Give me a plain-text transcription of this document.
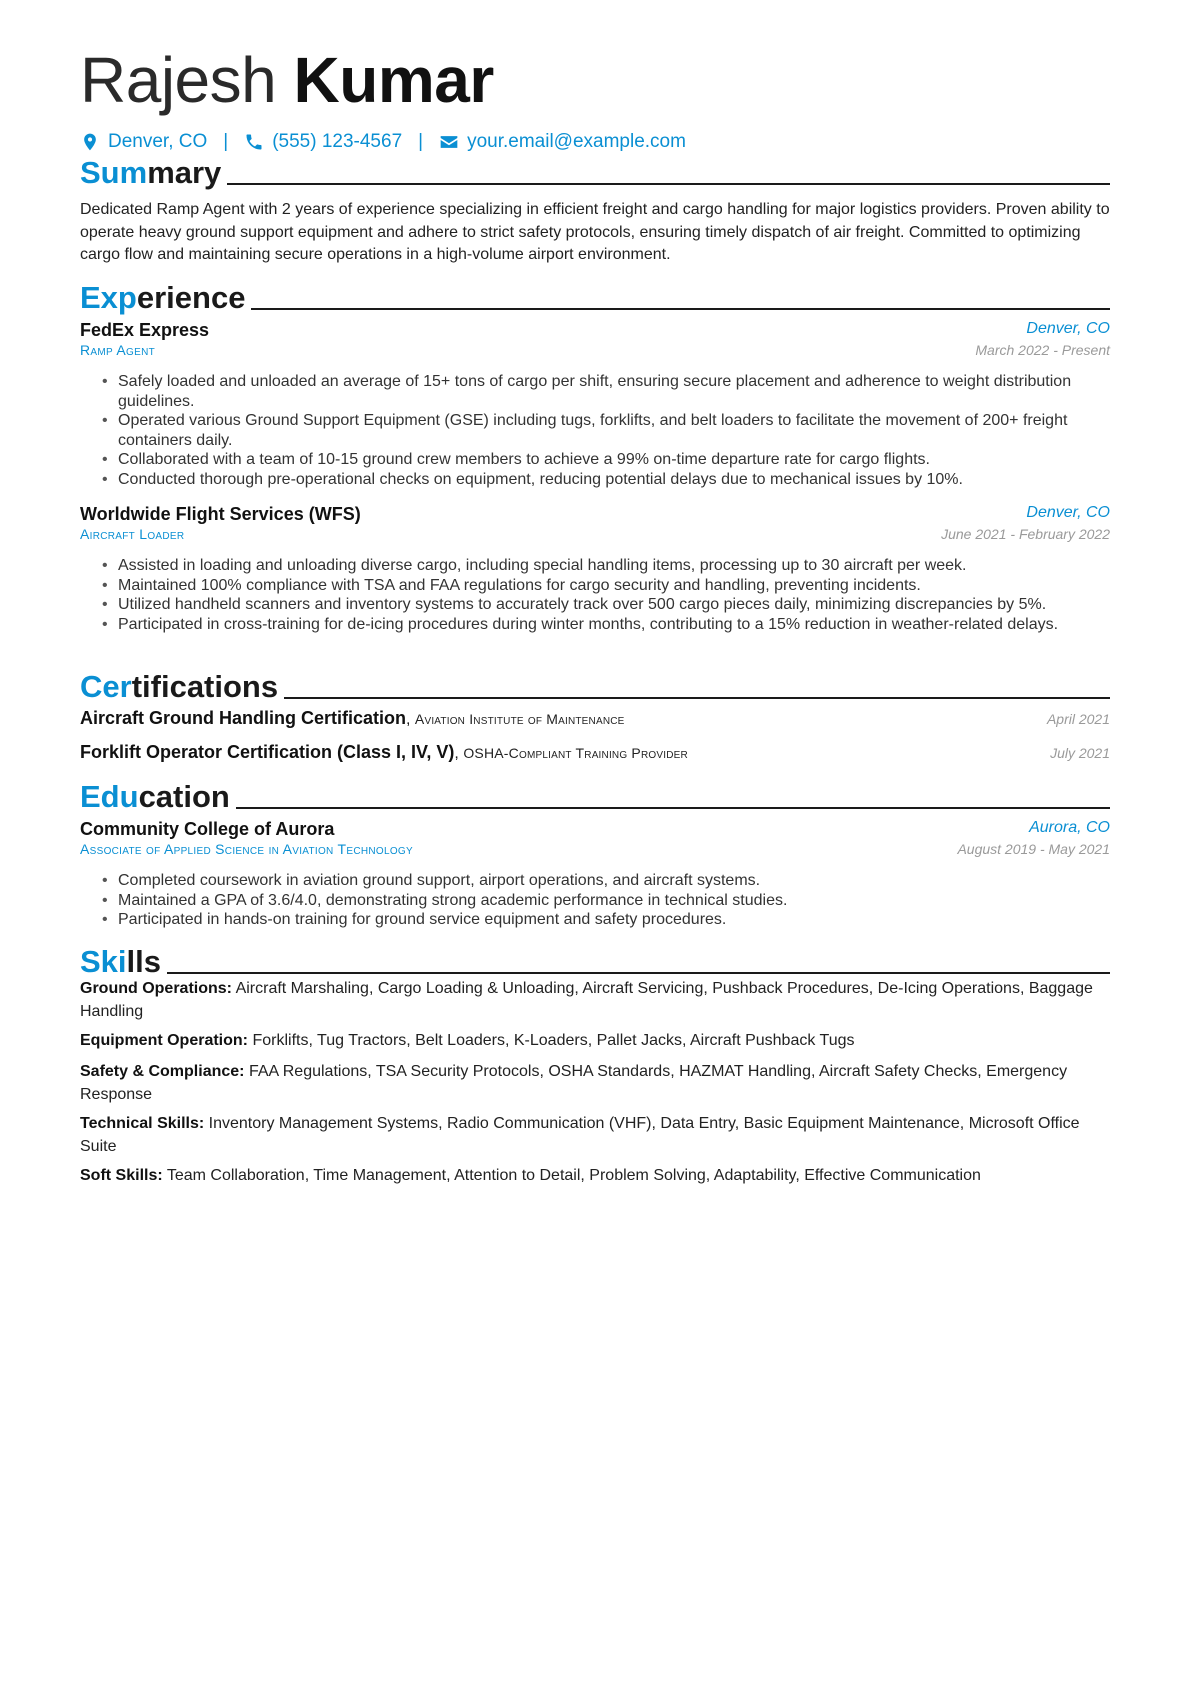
Rajesh Kumar
Denver, CO | (555) 123-4567 | your.email@example.com
Summary

Dedicated Ramp Agent with 2 years of experience specializing in efficient freight and cargo handling for major logistics providers. Proven ability to operate heavy ground support equipment and adhere to strict safety protocols, ensuring timely dispatch of air freight. Committed to optimizing cargo flow and maintaining secure operations in a high-volume airport environment.

Experience
FedEx Express	Denver, CO
Ramp Agent	March 2022 - Present
• Safely loaded and unloaded an average of 15+ tons of cargo per shift, ensuring secure placement and adherence to weight distribution guidelines.
• Operated various Ground Support Equipment (GSE) including tugs, forklifts, and belt loaders to facilitate the movement of 200+ freight containers daily.
• Collaborated with a team of 10-15 ground crew members to achieve a 99% on-time departure rate for cargo flights.
• Conducted thorough pre-operational checks on equipment, reducing potential delays due to mechanical issues by 10%.
Worldwide Flight Services (WFS)	Denver, CO
Aircraft Loader	June 2021 - February 2022
• Assisted in loading and unloading diverse cargo, including special handling items, processing up to 30 aircraft per week.
• Maintained 100% compliance with TSA and FAA regulations for cargo security and handling, preventing incidents.
• Utilized handheld scanners and inventory systems to accurately track over 500 cargo pieces daily, minimizing discrepancies by 5%.
• Participated in cross-training for de-icing procedures during winter months, contributing to a 15% reduction in weather-related delays.
Certifications
Aircraft Ground Handling Certification, Aviation Institute of Maintenance	April 2021
Forklift Operator Certification (Class I, IV, V), OSHA-Compliant Training Provider	July 2021
Education
Community College of Aurora	Aurora, CO
Associate of Applied Science in Aviation Technology	August 2019 - May 2021
• Completed coursework in aviation ground support, airport operations, and aircraft systems.
• Maintained a GPA of 3.6/4.0, demonstrating strong academic performance in technical studies.
• Participated in hands-on training for ground service equipment and safety procedures.
Skills

Ground Operations: Aircraft Marshaling, Cargo Loading & Unloading, Aircraft Servicing, Pushback Procedures, De-Icing Operations, Baggage Handling

Equipment Operation: Forklifts, Tug Tractors, Belt Loaders, K-Loaders, Pallet Jacks, Aircraft Pushback Tugs

Safety & Compliance: FAA Regulations, TSA Security Protocols, OSHA Standards, HAZMAT Handling, Aircraft Safety Checks, Emergency Response

Technical Skills: Inventory Management Systems, Radio Communication (VHF), Data Entry, Basic Equipment Maintenance, Microsoft Office Suite

Soft Skills: Team Collaboration, Time Management, Attention to Detail, Problem Solving, Adaptability, Effective Communication
